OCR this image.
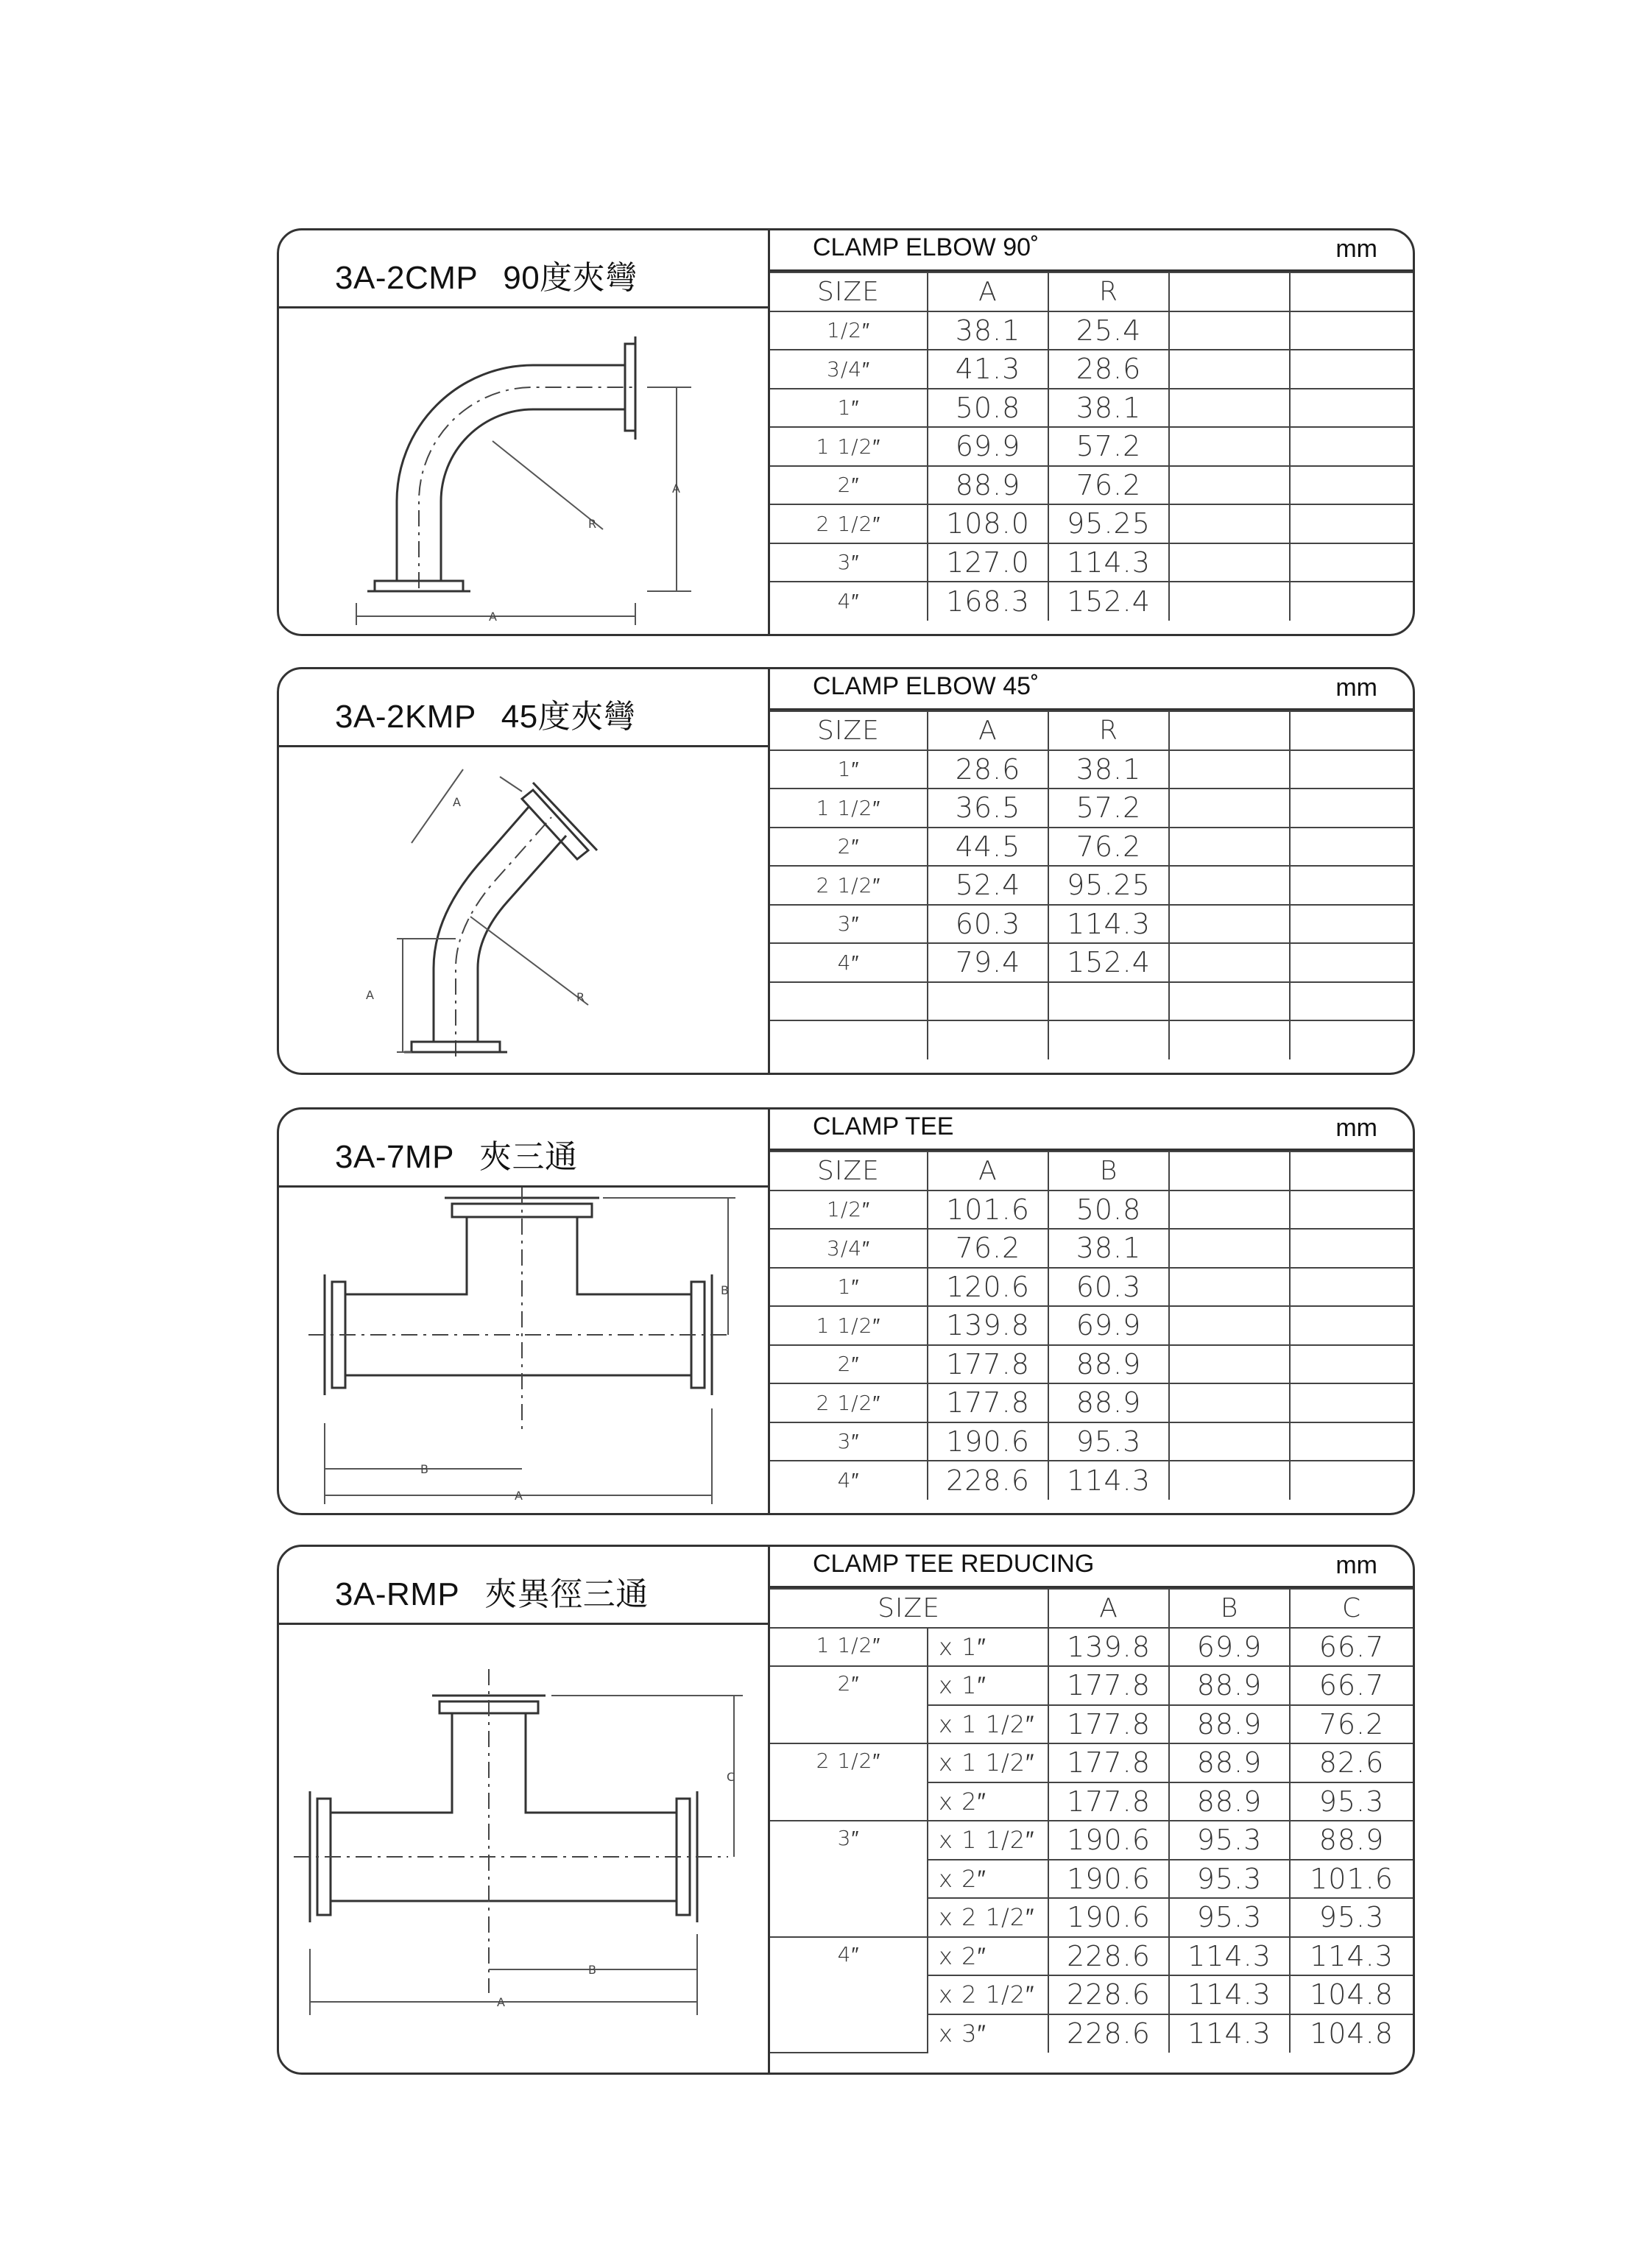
3A-2CMP 90度夾彎
R
A
A
CLAMP ELBOW 90˚	mm
SIZE	A	R		
1/2″	38.1	25.4		
3/4″	41.3	28.6		
1″	50.8	38.1		
1 1/2″	69.9	57.2		
2″	88.9	76.2		
2 1/2″	108.0	95.25		
3″	127.0	114.3		
4″	168.3	152.4		
3A-2KMP 45度夾彎
R
A
A
CLAMP ELBOW 45˚	mm
SIZE	A	R		
1″	28.6	38.1		
1 1/2″	36.5	57.2		
2″	44.5	76.2		
2 1/2″	52.4	95.25		
3″	60.3	114.3		
4″	79.4	152.4		

3A-7MP 夾三通
B
B
A
CLAMP TEE	mm
SIZE	A	B		
1/2″	101.6	50.8		
3/4″	76.2	38.1		
1″	120.6	60.3		
1 1/2″	139.8	69.9		
2″	177.8	88.9		
2 1/2″	177.8	88.9		
3″	190.6	95.3		
4″	228.6	114.3		
3A-RMP 夾異徑三通
C
B
A
CLAMP TEE REDUCING	mm
SIZE		A	B	C
1 1/2″	x 1″	139.8	69.9	66.7
2″	x 1″	177.8	88.9	66.7
	x 1 1/2″	177.8	88.9	76.2
2 1/2″	x 1 1/2″	177.8	88.9	82.6
	x 2″	177.8	88.9	95.3
3″	x 1 1/2″	190.6	95.3	88.9
	x 2″	190.6	95.3	101.6
	x 2 1/2″	190.6	95.3	95.3
4″	x 2″	228.6	114.3	114.3
	x 2 1/2″	228.6	114.3	104.8
	x 3″	228.6	114.3	104.8
